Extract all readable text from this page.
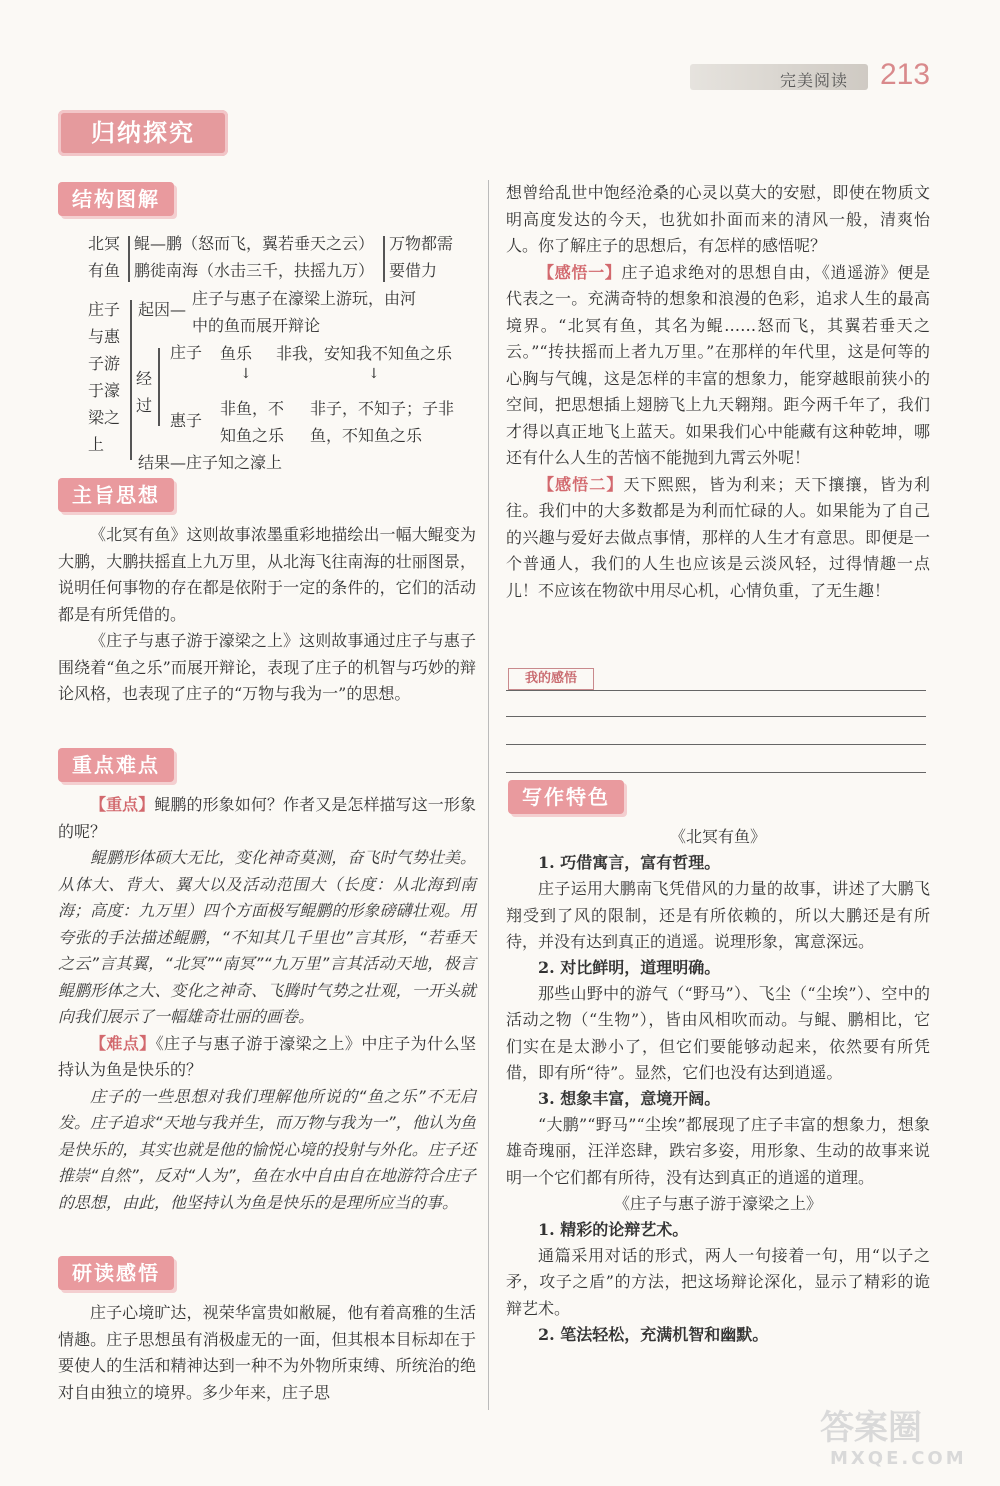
完美阅读 213
归纳探究
结构图解
北冥
有鱼
鲲—鹏（怒而飞，翼若垂天之云）
鹏徙南海（水击三千，扶摇九万）
万物都需
要借力
庄子
与惠
子游
于濠
梁之
上
起因—
庄子与惠子在濠梁上游玩，由河
中的鱼而展开辩论
经
过
庄子 鱼乐 非我，安知我不知鱼之乐
↓	↓
惠子
非鱼，不
知鱼之乐
非子，不知子；子非
鱼，不知鱼之乐
结果—庄子知之濠上
主旨思想

《北冥有鱼》这则故事浓墨重彩地描绘出一幅大鲲变为大鹏，大鹏扶摇直上九万里，从北海飞往南海的壮丽图景，说明任何事物的存在都是依附于一定的条件的，它们的活动都是有所凭借的。

《庄子与惠子游于濠梁之上》这则故事通过庄子与惠子围绕着“鱼之乐”而展开辩论，表现了庄子的机智与巧妙的辩论风格，也表现了庄子的“万物与我为一”的思想。

重点难点

【重点】鲲鹏的形象如何？作者又是怎样描写这一形象的呢？

鲲鹏形体硕大无比，变化神奇莫测，奋飞时气势壮美。从体大、背大、翼大以及活动范围大（长度：从北海到南海；高度：九万里）四个方面极写鲲鹏的形象磅礴壮观。用夸张的手法描述鲲鹏，“不知其几千里也”言其形，“若垂天之云”言其翼，“北冥”“南冥”“九万里”言其活动天地，极言鲲鹏形体之大、变化之神奇、飞腾时气势之壮观，一开头就向我们展示了一幅雄奇壮丽的画卷。

【难点】《庄子与惠子游于濠梁之上》中庄子为什么坚持认为鱼是快乐的？

庄子的一些思想对我们理解他所说的“鱼之乐”不无启发。庄子追求“天地与我并生，而万物与我为一”，他认为鱼是快乐的，其实也就是他的愉悦心境的投射与外化。庄子还推崇“自然”，反对“人为”，鱼在水中自由自在地游符合庄子的思想，由此，他坚持认为鱼是快乐的是理所应当的事。

研读感悟

庄子心境旷达，视荣华富贵如敝屣，他有着高雅的生活情趣。庄子思想虽有消极虚无的一面，但其根本目标却在于要使人的生活和精神达到一种不为外物所束缚、所统治的绝对自由独立的境界。多少年来，庄子思

想曾给乱世中饱经沧桑的心灵以莫大的安慰，即使在物质文明高度发达的今天，也犹如扑面而来的清风一般，清爽怡人。你了解庄子的思想后，有怎样的感悟呢？

【感悟一】庄子追求绝对的思想自由，《逍遥游》便是代表之一。充满奇特的想象和浪漫的色彩，追求人生的最高境界。“北冥有鱼，其名为鲲……怒而飞，其翼若垂天之云。”“抟扶摇而上者九万里。”在那样的年代里，这是何等的心胸与气魄，这是怎样的丰富的想象力，能穿越眼前狭小的空间，把思想插上翅膀飞上九天翱翔。距今两千年了，我们才得以真正地飞上蓝天。如果我们心中能藏有这种乾坤，哪还有什么人生的苦恼不能抛到九霄云外呢！

【感悟二】天下熙熙，皆为利来；天下攘攘，皆为利往。我们中的大多数都是为利而忙碌的人。如果能为了自己的兴趣与爱好去做点事情，那样的人生才有意思。即便是一个普通人，我们的人生也应该是云淡风轻，过得情趣一点儿！不应该在物欲中用尽心机，心情负重，了无生趣！

我的感悟
写作特色

《北冥有鱼》

1. 巧借寓言，富有哲理。

庄子运用大鹏南飞凭借风的力量的故事，讲述了大鹏飞翔受到了风的限制，还是有所依赖的，所以大鹏还是有所待，并没有达到真正的逍遥。说理形象，寓意深远。

2. 对比鲜明，道理明确。

那些山野中的游气（“野马”）、飞尘（“尘埃”）、空中的活动之物（“生物”），皆由风相吹而动。与鲲、鹏相比，它们实在是太渺小了，但它们要能够动起来，依然要有所凭借，即有所“待”。显然，它们也没有达到逍遥。

3. 想象丰富，意境开阔。

“大鹏”“野马”“尘埃”都展现了庄子丰富的想象力，想象雄奇瑰丽，汪洋恣肆，跌宕多姿，用形象、生动的故事来说明一个它们都有所待，没有达到真正的逍遥的道理。

《庄子与惠子游于濠梁之上》

1. 精彩的论辩艺术。

通篇采用对话的形式，两人一句接着一句，用“以子之矛，攻子之盾”的方法，把这场辩论深化，显示了精彩的诡辩艺术。

2. 笔法轻松，充满机智和幽默。

答案圈
MXQE.COM
